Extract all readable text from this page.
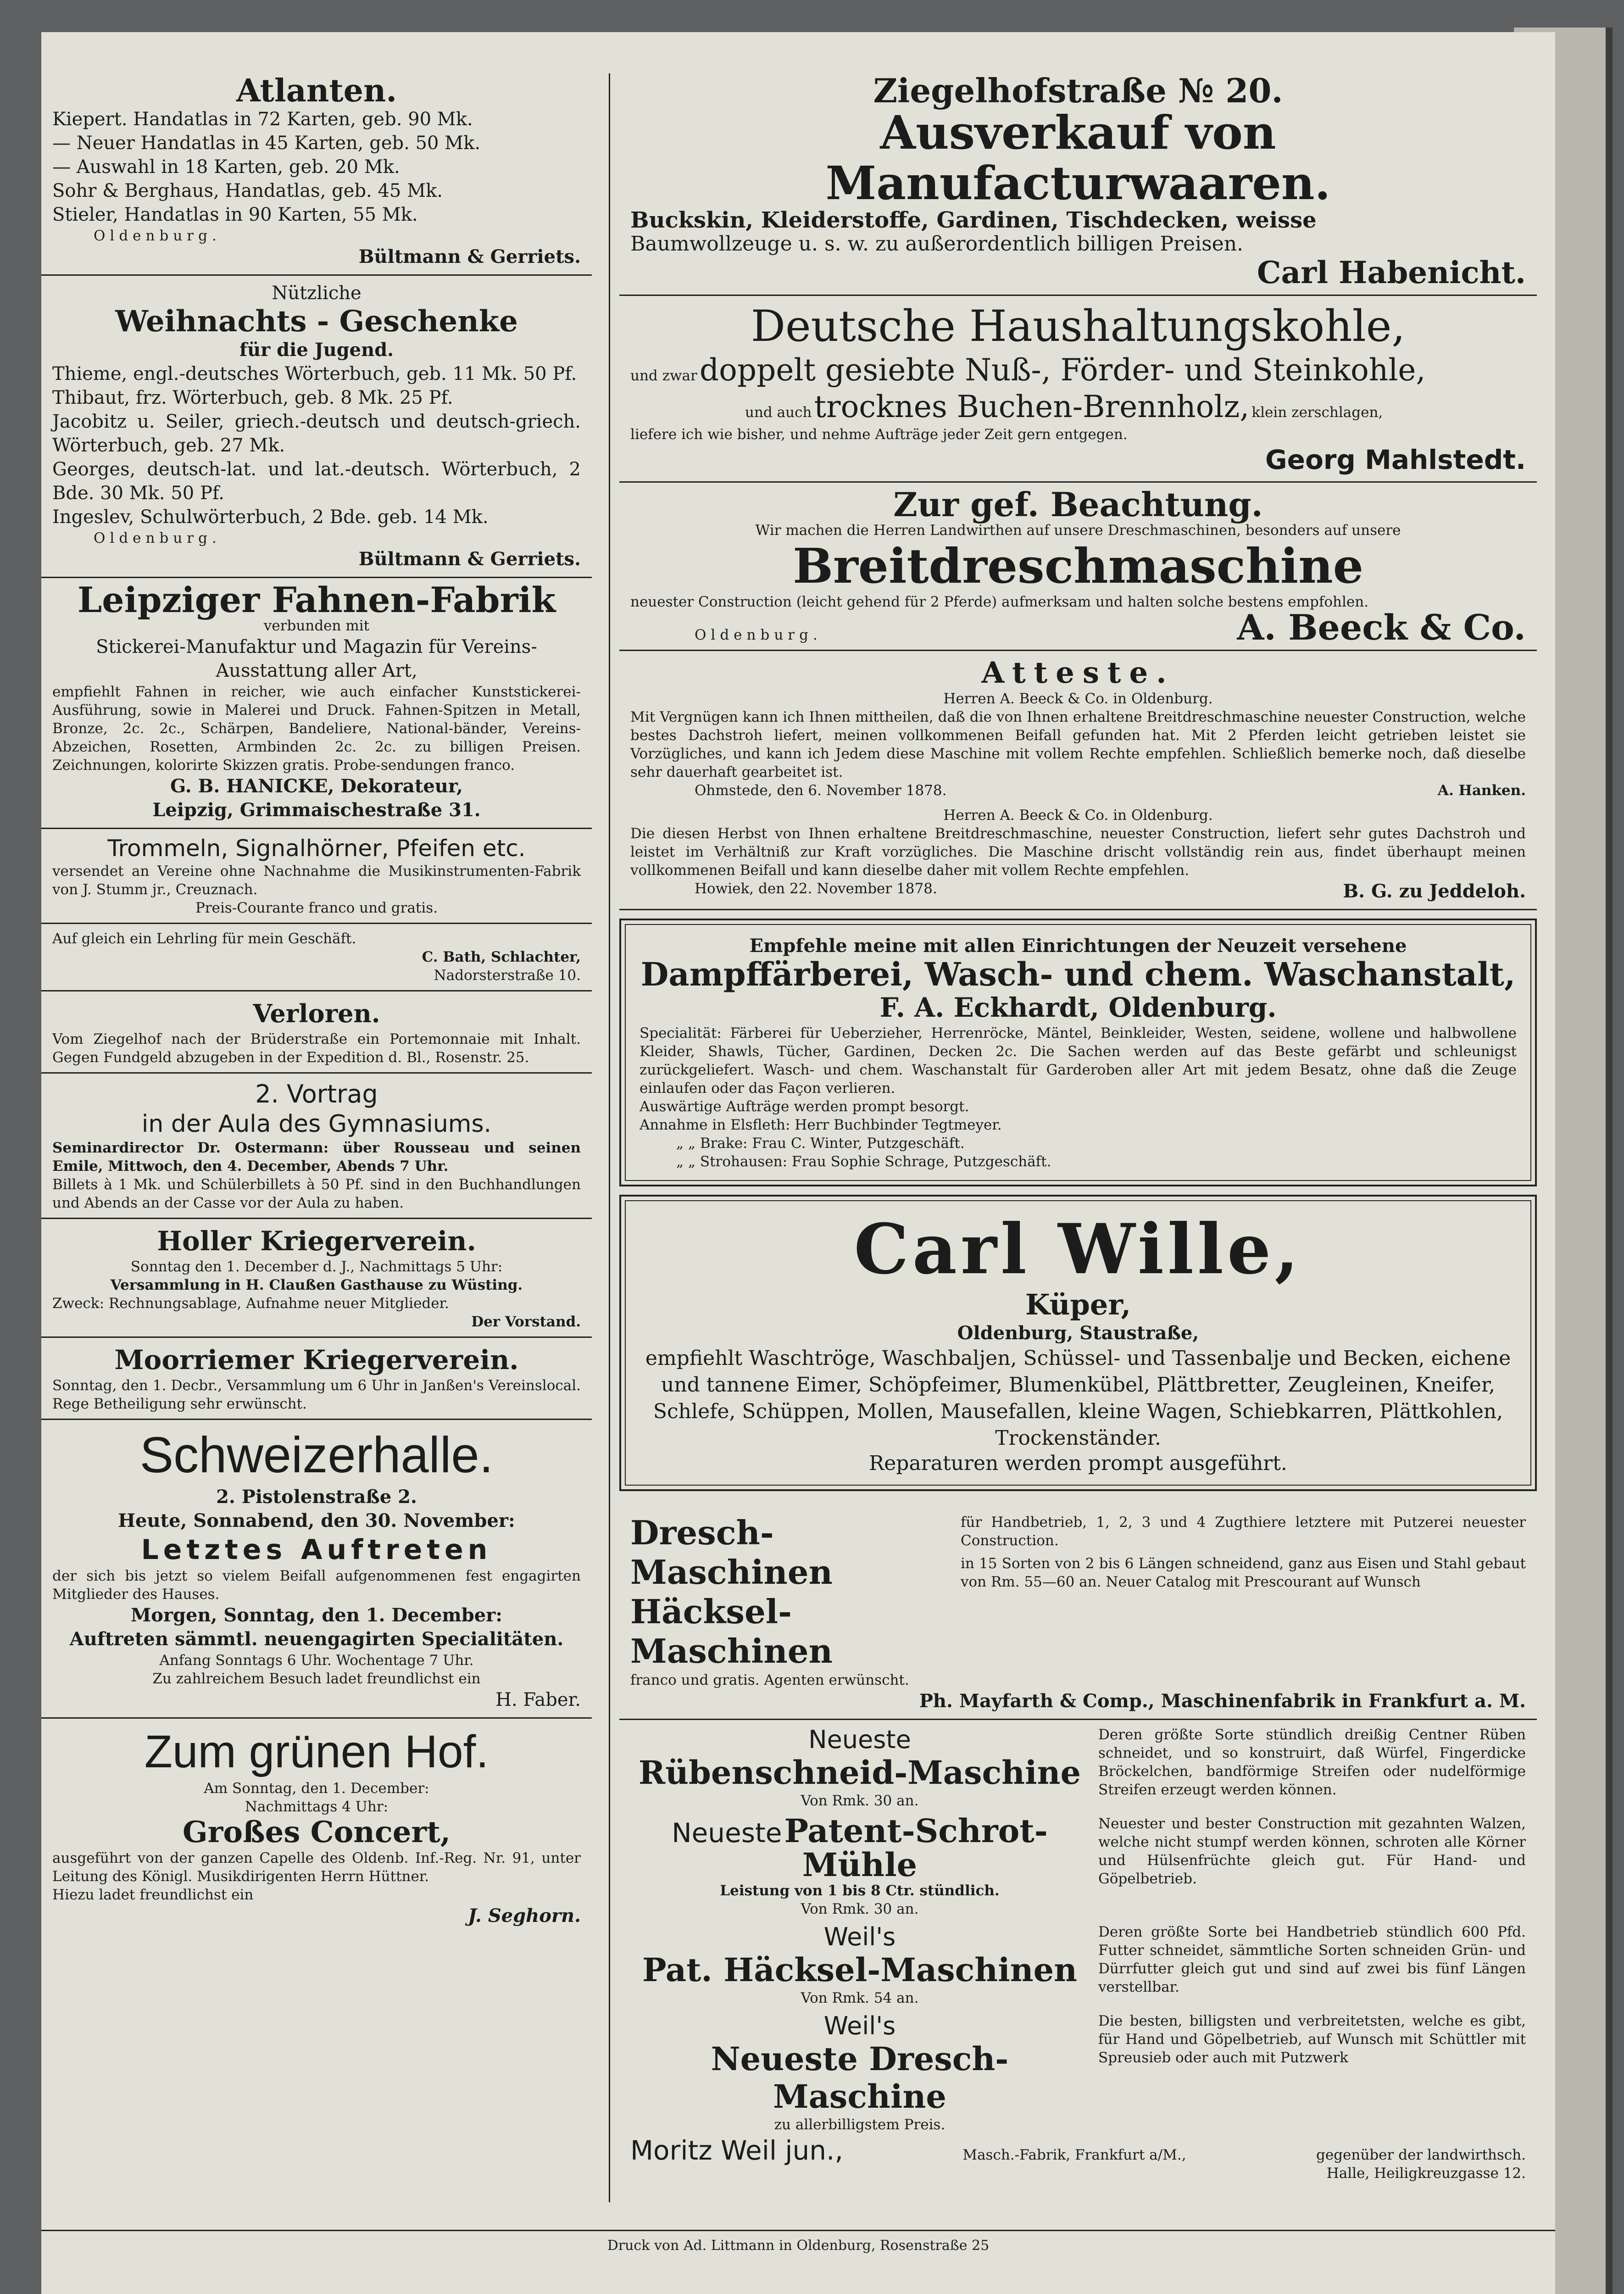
Atlanten.
Kiepert. Handatlas in 72 Karten, geb. 90 Mk.
— Neuer Handatlas in 45 Karten, geb. 50 Mk.
— Auswahl in 18 Karten, geb. 20 Mk.
Sohr & Berghaus, Handatlas, geb. 45 Mk.
Stieler, Handatlas in 90 Karten, 55 Mk.
Oldenburg.
Bültmann & Gerriets.
Nützliche
Weihnachts - Geschenke
für die Jugend.
Thieme, engl.-deutsches Wörterbuch, geb. 11 Mk. 50 Pf.
Thibaut, frz. Wörterbuch, geb. 8 Mk. 25 Pf.
Jacobitz u. Seiler, griech.-deutsch und deutsch-griech. Wörterbuch, geb. 27 Mk.
Georges, deutsch-lat. und lat.-deutsch. Wörterbuch, 2 Bde. 30 Mk. 50 Pf.
Ingeslev, Schulwörterbuch, 2 Bde. geb. 14 Mk.
Oldenburg.
Bültmann & Gerriets.
Leipziger Fahnen-Fabrik
verbunden mit
Stickerei-Manufaktur und Magazin für Vereins-Ausstattung aller Art,
empfiehlt Fahnen in reicher, wie auch einfacher Kunststickerei-Ausführung, sowie in Malerei und Druck. Fahnen-Spitzen in Metall, Bronze, 2c. 2c., Schärpen, Bandeliere, National-bänder, Vereins-Abzeichen, Rosetten, Armbinden 2c. 2c. zu billigen Preisen. Zeichnungen, kolorirte Skizzen gratis. Probe-sendungen franco.
G. B. HANICKE, Dekorateur,
Leipzig, Grimmaischestraße 31.
Trommeln, Signalhörner, Pfeifen etc.
versendet an Vereine ohne Nachnahme die Musikinstrumenten-Fabrik von J. Stumm jr., Creuznach.
Preis-Courante franco und gratis.
Auf gleich ein Lehrling für mein Geschäft.
C. Bath, Schlachter,
Nadorsterstraße 10.
Verloren.
Vom Ziegelhof nach der Brüderstraße ein Portemonnaie mit Inhalt. Gegen Fundgeld abzugeben in der Expedition d. Bl., Rosenstr. 25.
2. Vortrag
in der Aula des Gymnasiums.
Seminardirector Dr. Ostermann: über Rousseau und seinen Emile, Mittwoch, den 4. December, Abends 7 Uhr.
Billets à 1 Mk. und Schülerbillets à 50 Pf. sind in den Buchhandlungen und Abends an der Casse vor der Aula zu haben.
Holler Kriegerverein.
Sonntag den 1. December d. J., Nachmittags 5 Uhr:
Versammlung in H. Claußen Gasthause zu Wüsting.
Zweck: Rechnungsablage, Aufnahme neuer Mitglieder.
Der Vorstand.
Moorriemer Kriegerverein.
Sonntag, den 1. Decbr., Versammlung um 6 Uhr in Janßen's Vereinslocal. Rege Betheiligung sehr erwünscht.
Schweizerhalle.
2. Pistolenstraße 2.
Heute, Sonnabend, den 30. November:
Letztes Auftreten
der sich bis jetzt so vielem Beifall aufgenommenen fest engagirten Mitglieder des Hauses.
Morgen, Sonntag, den 1. December:
Auftreten sämmtl. neuengagirten Specialitäten.
Anfang Sonntags 6 Uhr. Wochentage 7 Uhr.
Zu zahlreichem Besuch ladet freundlichst ein
H. Faber.
Zum grünen Hof.
Am Sonntag, den 1. December:
Nachmittags 4 Uhr:
Großes Concert,
ausgeführt von der ganzen Capelle des Oldenb. Inf.-Reg. Nr. 91, unter Leitung des Königl. Musikdirigenten Herrn Hüttner.
Hiezu ladet freundlichst ein
J. Seghorn.
Ziegelhofstraße № 20.
Ausverkauf von Manufacturwaaren.
Buckskin, Kleiderstoffe, Gardinen, Tischdecken, weisse
Baumwollzeuge u. s. w. zu außerordentlich billigen Preisen.
Carl Habenicht.
Deutsche Haushaltungskohle,
und zwar doppelt gesiebte Nuß-, Förder- und Steinkohle,
und auch trocknes Buchen-Brennholz, klein zerschlagen,
liefere ich wie bisher, und nehme Aufträge jeder Zeit gern entgegen.
Georg Mahlstedt.
Zur gef. Beachtung.
Wir machen die Herren Landwirthen auf unsere Dreschmaschinen, besonders auf unsere
Breitdreschmaschine
neuester Construction (leicht gehend für 2 Pferde) aufmerksam und halten solche bestens empfohlen.
Oldenburg.	A. Beeck & Co.
Atteste.
Herren A. Beeck & Co. in Oldenburg.
Mit Vergnügen kann ich Ihnen mittheilen, daß die von Ihnen erhaltene Breitdreschmaschine neuester Construction, welche bestes Dachstroh liefert, meinen vollkommenen Beifall gefunden hat. Mit 2 Pferden leicht getrieben leistet sie Vorzügliches, und kann ich Jedem diese Maschine mit vollem Rechte empfehlen. Schließlich bemerke noch, daß dieselbe sehr dauerhaft gearbeitet ist.
Ohmstede, den 6. November 1878.	A. Hanken.
Herren A. Beeck & Co. in Oldenburg.
Die diesen Herbst von Ihnen erhaltene Breitdreschmaschine, neuester Construction, liefert sehr gutes Dachstroh und leistet im Verhältniß zur Kraft vorzügliches. Die Maschine drischt vollständig rein aus, findet überhaupt meinen vollkommenen Beifall und kann dieselbe daher mit vollem Rechte empfehlen.
Howiek, den 22. November 1878.	B. G. zu Jeddeloh.
Empfehle meine mit allen Einrichtungen der Neuzeit versehene
Dampffärberei, Wasch- und chem. Waschanstalt,
F. A. Eckhardt, Oldenburg.
Specialität: Färberei für Ueberzieher, Herrenröcke, Mäntel, Beinkleider, Westen, seidene, wollene und halbwollene Kleider, Shawls, Tücher, Gardinen, Decken 2c. Die Sachen werden auf das Beste gefärbt und schleunigst zurückgeliefert. Wasch- und chem. Waschanstalt für Garderoben aller Art mit jedem Besatz, ohne daß die Zeuge einlaufen oder das Façon verlieren.
Auswärtige Aufträge werden prompt besorgt.
Annahme in Elsfleth: Herr Buchbinder Tegtmeyer.
„ „ Brake: Frau C. Winter, Putzgeschäft.
„ „ Strohausen: Frau Sophie Schrage, Putzgeschäft.
Carl Wille,
Küper,
Oldenburg, Staustraße,
empfiehlt Waschtröge, Waschbaljen, Schüssel- und Tassenbalje und Becken, eichene und tannene Eimer, Schöpfeimer, Blumenkübel, Plättbretter, Zeugleinen, Kneifer, Schlefe, Schüppen, Mollen, Mausefallen, kleine Wagen, Schiebkarren, Plättkohlen, Trockenständer.
Reparaturen werden prompt ausgeführt.
Dresch-Maschinen
Häcksel-Maschinen
für Handbetrieb, 1, 2, 3 und 4 Zugthiere letztere mit Putzerei neuester Construction.
in 15 Sorten von 2 bis 6 Längen schneidend, ganz aus Eisen und Stahl gebaut von Rm. 55—60 an. Neuer Catalog mit Prescourant auf Wunsch
franco und gratis. Agenten erwünscht.
Ph. Mayfarth & Comp., Maschinenfabrik in Frankfurt a. M.
Neueste
Rübenschneid-Maschine
Von Rmk. 30 an.
Deren größte Sorte stündlich dreißig Centner Rüben schneidet, und so konstruirt, daß Würfel, Fingerdicke Bröckelchen, bandförmige Streifen oder nudelförmige Streifen erzeugt werden können.
Neueste Patent-Schrot-Mühle
Leistung von 1 bis 8 Ctr. stündlich.
Von Rmk. 30 an.
Neuester und bester Construction mit gezahnten Walzen, welche nicht stumpf werden können, schroten alle Körner und Hülsenfrüchte gleich gut. Für Hand- und Göpelbetrieb.
Weil's
Pat. Häcksel-Maschinen
Von Rmk. 54 an.
Deren größte Sorte bei Handbetrieb stündlich 600 Pfd. Futter schneidet, sämmtliche Sorten schneiden Grün- und Dürrfutter gleich gut und sind auf zwei bis fünf Längen verstellbar.
Weil's
Neueste Dresch-Maschine
zu allerbilligstem Preis.
Die besten, billigsten und verbreitetsten, welche es gibt, für Hand und Göpelbetrieb, auf Wunsch mit Schüttler mit Spreusieb oder auch mit Putzwerk
Moritz Weil jun.,	Masch.-Fabrik, Frankfurt a/M.,	gegenüber der landwirthsch. Halle, Heiligkreuzgasse 12.
Druck von Ad. Littmann in Oldenburg, Rosenstraße 25
